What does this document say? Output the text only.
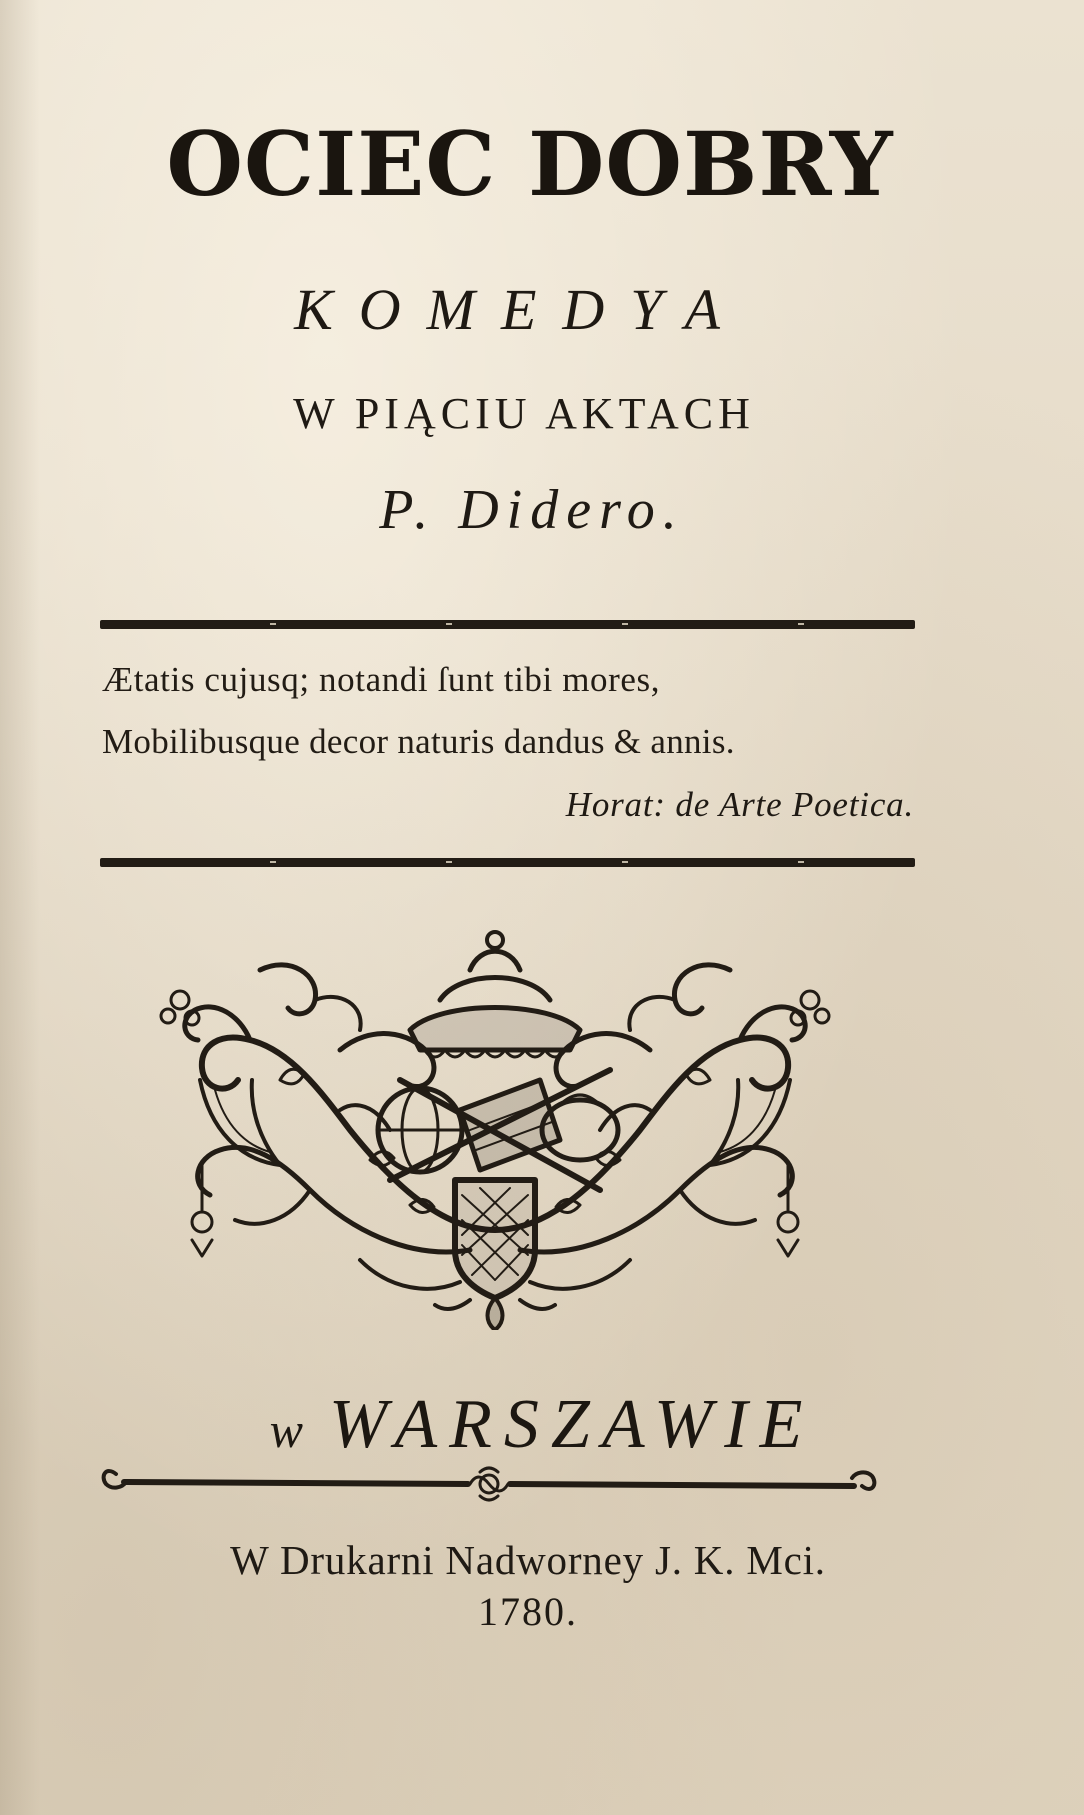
OCIEC DOBRY
KOMEDYA
W PIĄCIU AKTACH
P. Didero.
Ætatis cujusq; notandi ſunt tibi mores,
Mobilibusque decor naturis dandus & annis.
Horat: de Arte Poetica.
w WARSZAWIE
W Drukarni Nadworney J. K. Mci.
1780.
